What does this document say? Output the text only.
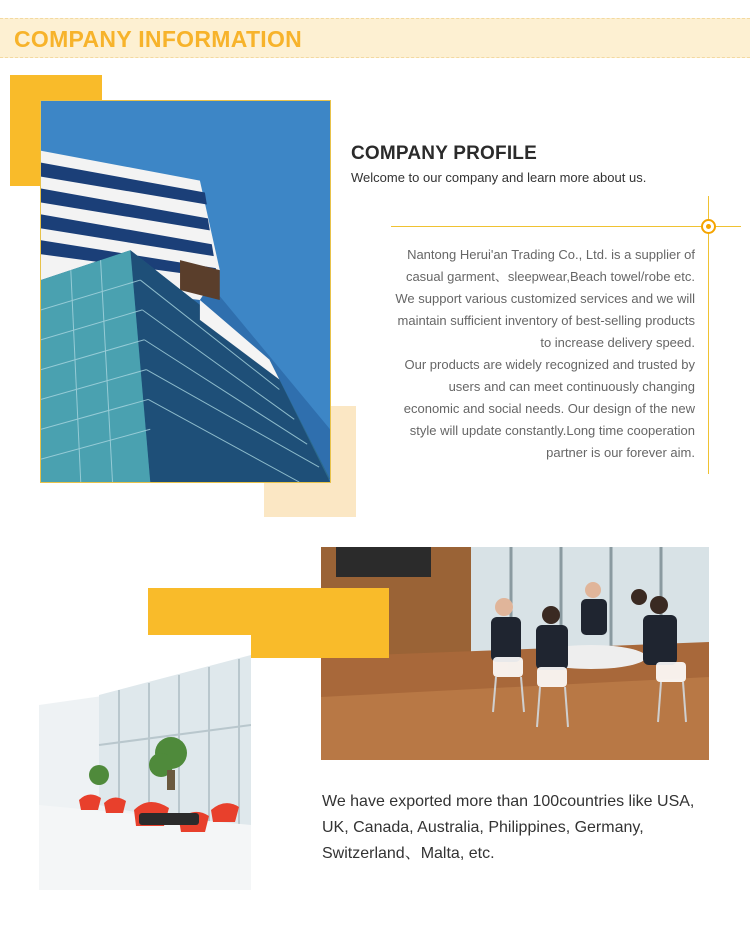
COMPANY INFORMATION
COMPANY PROFILE
Welcome to our company and learn more about us.
Nantong Herui'an Trading Co., Ltd. is a supplier of
casual garment、sleepwear,Beach towel/robe etc.
We support various customized services and we will
maintain sufficient inventory of best-selling products
to increase delivery speed.
Our products are widely recognized and trusted by
users and can meet continuously changing
economic and social needs. Our design of the new
style will update constantly.Long time cooperation
partner is our forever aim.
We have exported more than 100countries like USA,
UK, Canada, Australia, Philippines, Germany,
Switzerland、Malta, etc.
